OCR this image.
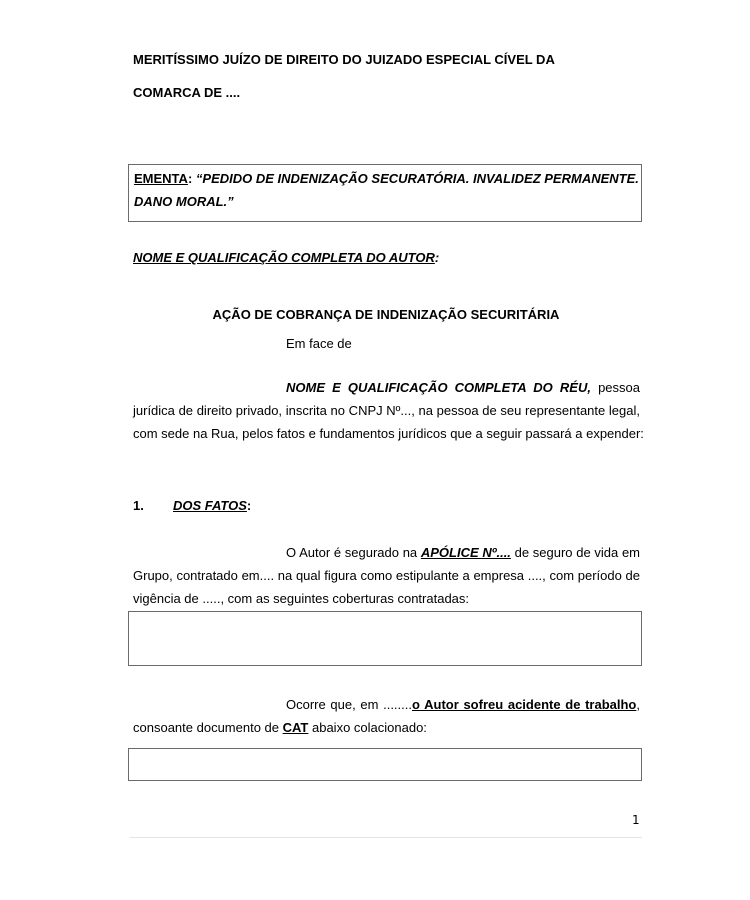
MERITÍSSIMO JUÍZO DE DIREITO DO JUIZADO ESPECIAL CÍVEL DA
COMARCA DE ....
EMENTA: “PEDIDO DE INDENIZAÇÃO SECURATÓRIA. INVALIDEZ PERMANENTE.
DANO MORAL.”
NOME E QUALIFICAÇÃO COMPLETA DO AUTOR:
AÇÃO DE COBRANÇA DE INDENIZAÇÃO SECURITÁRIA
Em face de
NOME E QUALIFICAÇÃO COMPLETA DO RÉU, pessoa
jurídica de direito privado, inscrita no CNPJ Nº..., na pessoa de seu representante legal,
com sede na Rua, pelos fatos e fundamentos jurídicos que a seguir passará a expender:
1. DOS FATOS:
O Autor é segurado na APÓLICE Nº.... de seguro de vida em
Grupo, contratado em.... na qual figura como estipulante a empresa ...., com período de
vigência de ....., com as seguintes coberturas contratadas:
Ocorre que, em ........o Autor sofreu acidente de trabalho,
consoante documento de CAT abaixo colacionado:
1
